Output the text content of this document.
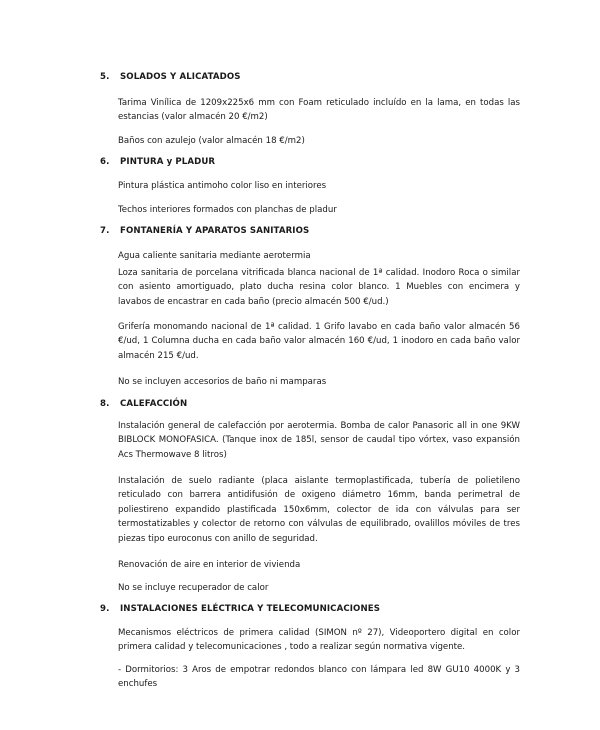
5. SOLADOS Y ALICATADOS
Tarima Vinílica de 1209x225x6 mm con Foam reticulado incluído en la lama, en todas las estancias (valor almacén 20 €/m2)
Baños con azulejo (valor almacén 18 €/m2)
6. PINTURA y PLADUR
Pintura plástica antimoho color liso en interiores
Techos interiores formados con planchas de pladur
7. FONTANERÍA Y APARATOS SANITARIOS
Agua caliente sanitaria mediante aerotermia
Loza sanitaria de porcelana vitrificada blanca nacional de 1ª calidad. Inodoro Roca o similar con asiento amortiguado, plato ducha resina color blanco. 1 Muebles con encimera y lavabos de encastrar en cada baño (precio almacén 500 €/ud.)
Grifería monomando nacional de 1ª calidad. 1 Grifo lavabo en cada baño valor almacén 56 €/ud, 1 Columna ducha en cada baño valor almacén 160 €/ud, 1 inodoro en cada baño valor almacén 215 €/ud.
No se incluyen accesorios de baño ni mamparas
8. CALEFACCIÓN
Instalación general de calefacción por aerotermia. Bomba de calor Panasoric all in one 9KW BIBLOCK MONOFASICA. (Tanque inox de 185l, sensor de caudal tipo vórtex, vaso expansión Acs Thermowave 8 litros)
Instalación de suelo radiante (placa aislante termoplastificada, tubería de polietileno reticulado con barrera antidifusión de oxigeno diámetro 16mm, banda perimetral de poliestireno expandido plastificada 150x6mm, colector de ida con válvulas para ser termostatizables y colector de retorno con válvulas de equilibrado, ovalillos móviles de tres piezas tipo euroconus con anillo de seguridad.
Renovación de aire en interior de vivienda
No se incluye recuperador de calor
9. INSTALACIONES ELÉCTRICA Y TELECOMUNICACIONES
Mecanismos eléctricos de primera calidad (SIMON nº 27), Videoportero digital en color primera calidad y telecomunicaciones , todo a realizar según normativa vigente.
- Dormitorios: 3 Aros de empotrar redondos blanco con lámpara led 8W GU10 4000K y 3 enchufes
